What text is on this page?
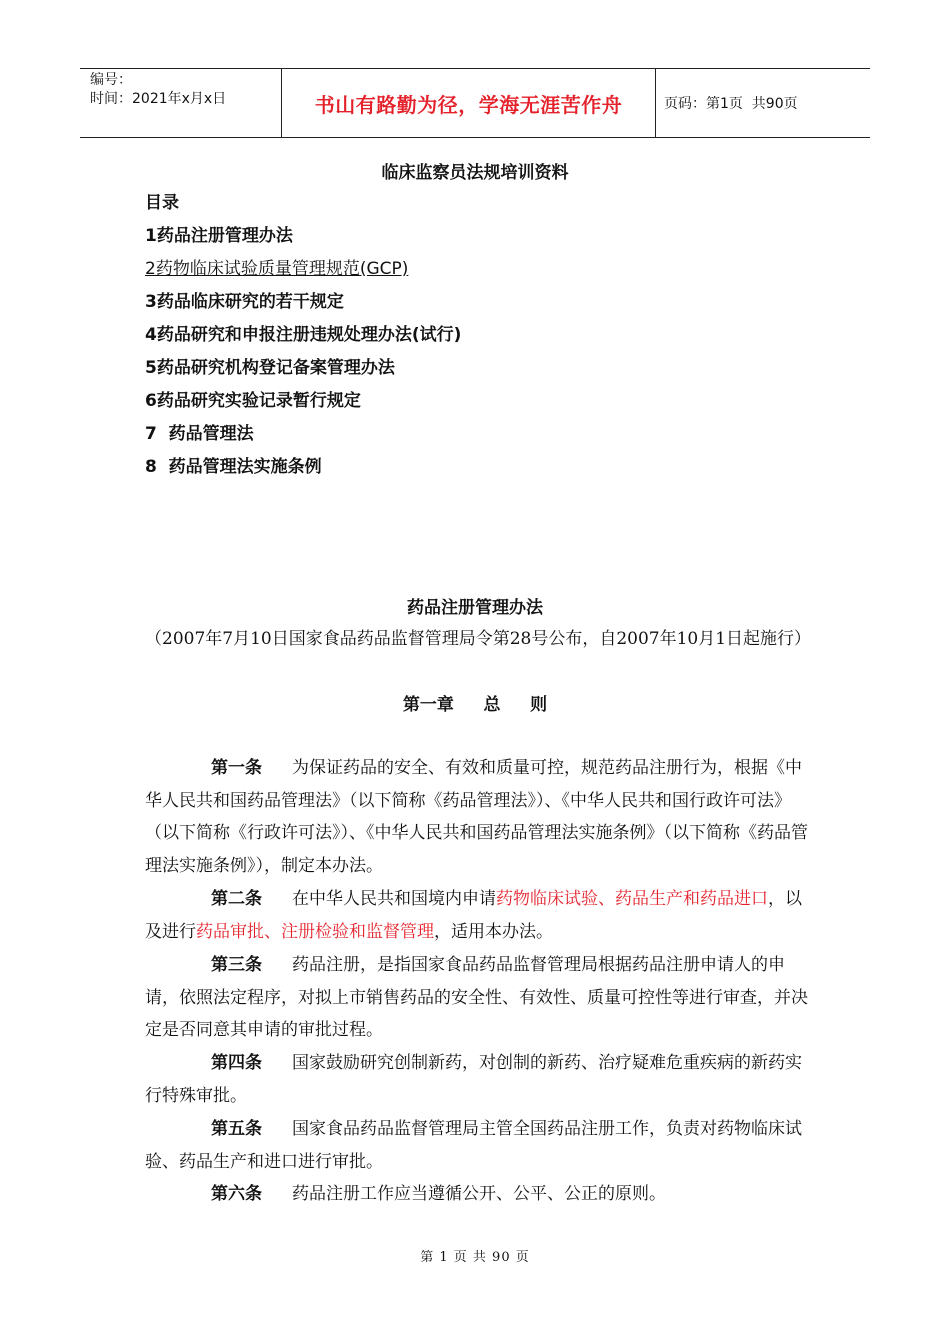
编号：
时间：2021年x月x日	书山有路勤为径，学海无涯苦作舟	页码：第1页  共90页
临床监察员法规培训资料
目录
1药品注册管理办法
2药物临床试验质量管理规范(GCP)
3药品临床研究的若干规定
4药品研究和申报注册违规处理办法(试行)
5药品研究机构登记备案管理办法
6药品研究实验记录暂行规定
7  药品管理法
8  药品管理法实施条例
药品注册管理办法
（2007年7月10日国家食品药品监督管理局令第28号公布，自2007年10月1日起施行）
第一章     总     则
第一条 为保证药品的安全、有效和质量可控，规范药品注册行为，根据《中华人民共和国药品管理法》（以下简称《药品管理法》）、《中华人民共和国行政许可法》（以下简称《行政许可法》）、《中华人民共和国药品管理法实施条例》（以下简称《药品管理法实施条例》），制定本办法。
第二条 在中华人民共和国境内申请药物临床试验、药品生产和药品进口，以及进行药品审批、注册检验和监督管理，适用本办法。
第三条 药品注册，是指国家食品药品监督管理局根据药品注册申请人的申请，依照法定程序，对拟上市销售药品的安全性、有效性、质量可控性等进行审查，并决定是否同意其申请的审批过程。
第四条 国家鼓励研究创制新药，对创制的新药、治疗疑难危重疾病的新药实行特殊审批。
第五条 国家食品药品监督管理局主管全国药品注册工作，负责对药物临床试验、药品生产和进口进行审批。
第六条 药品注册工作应当遵循公开、公平、公正的原则。
第 1 页 共 90 页
